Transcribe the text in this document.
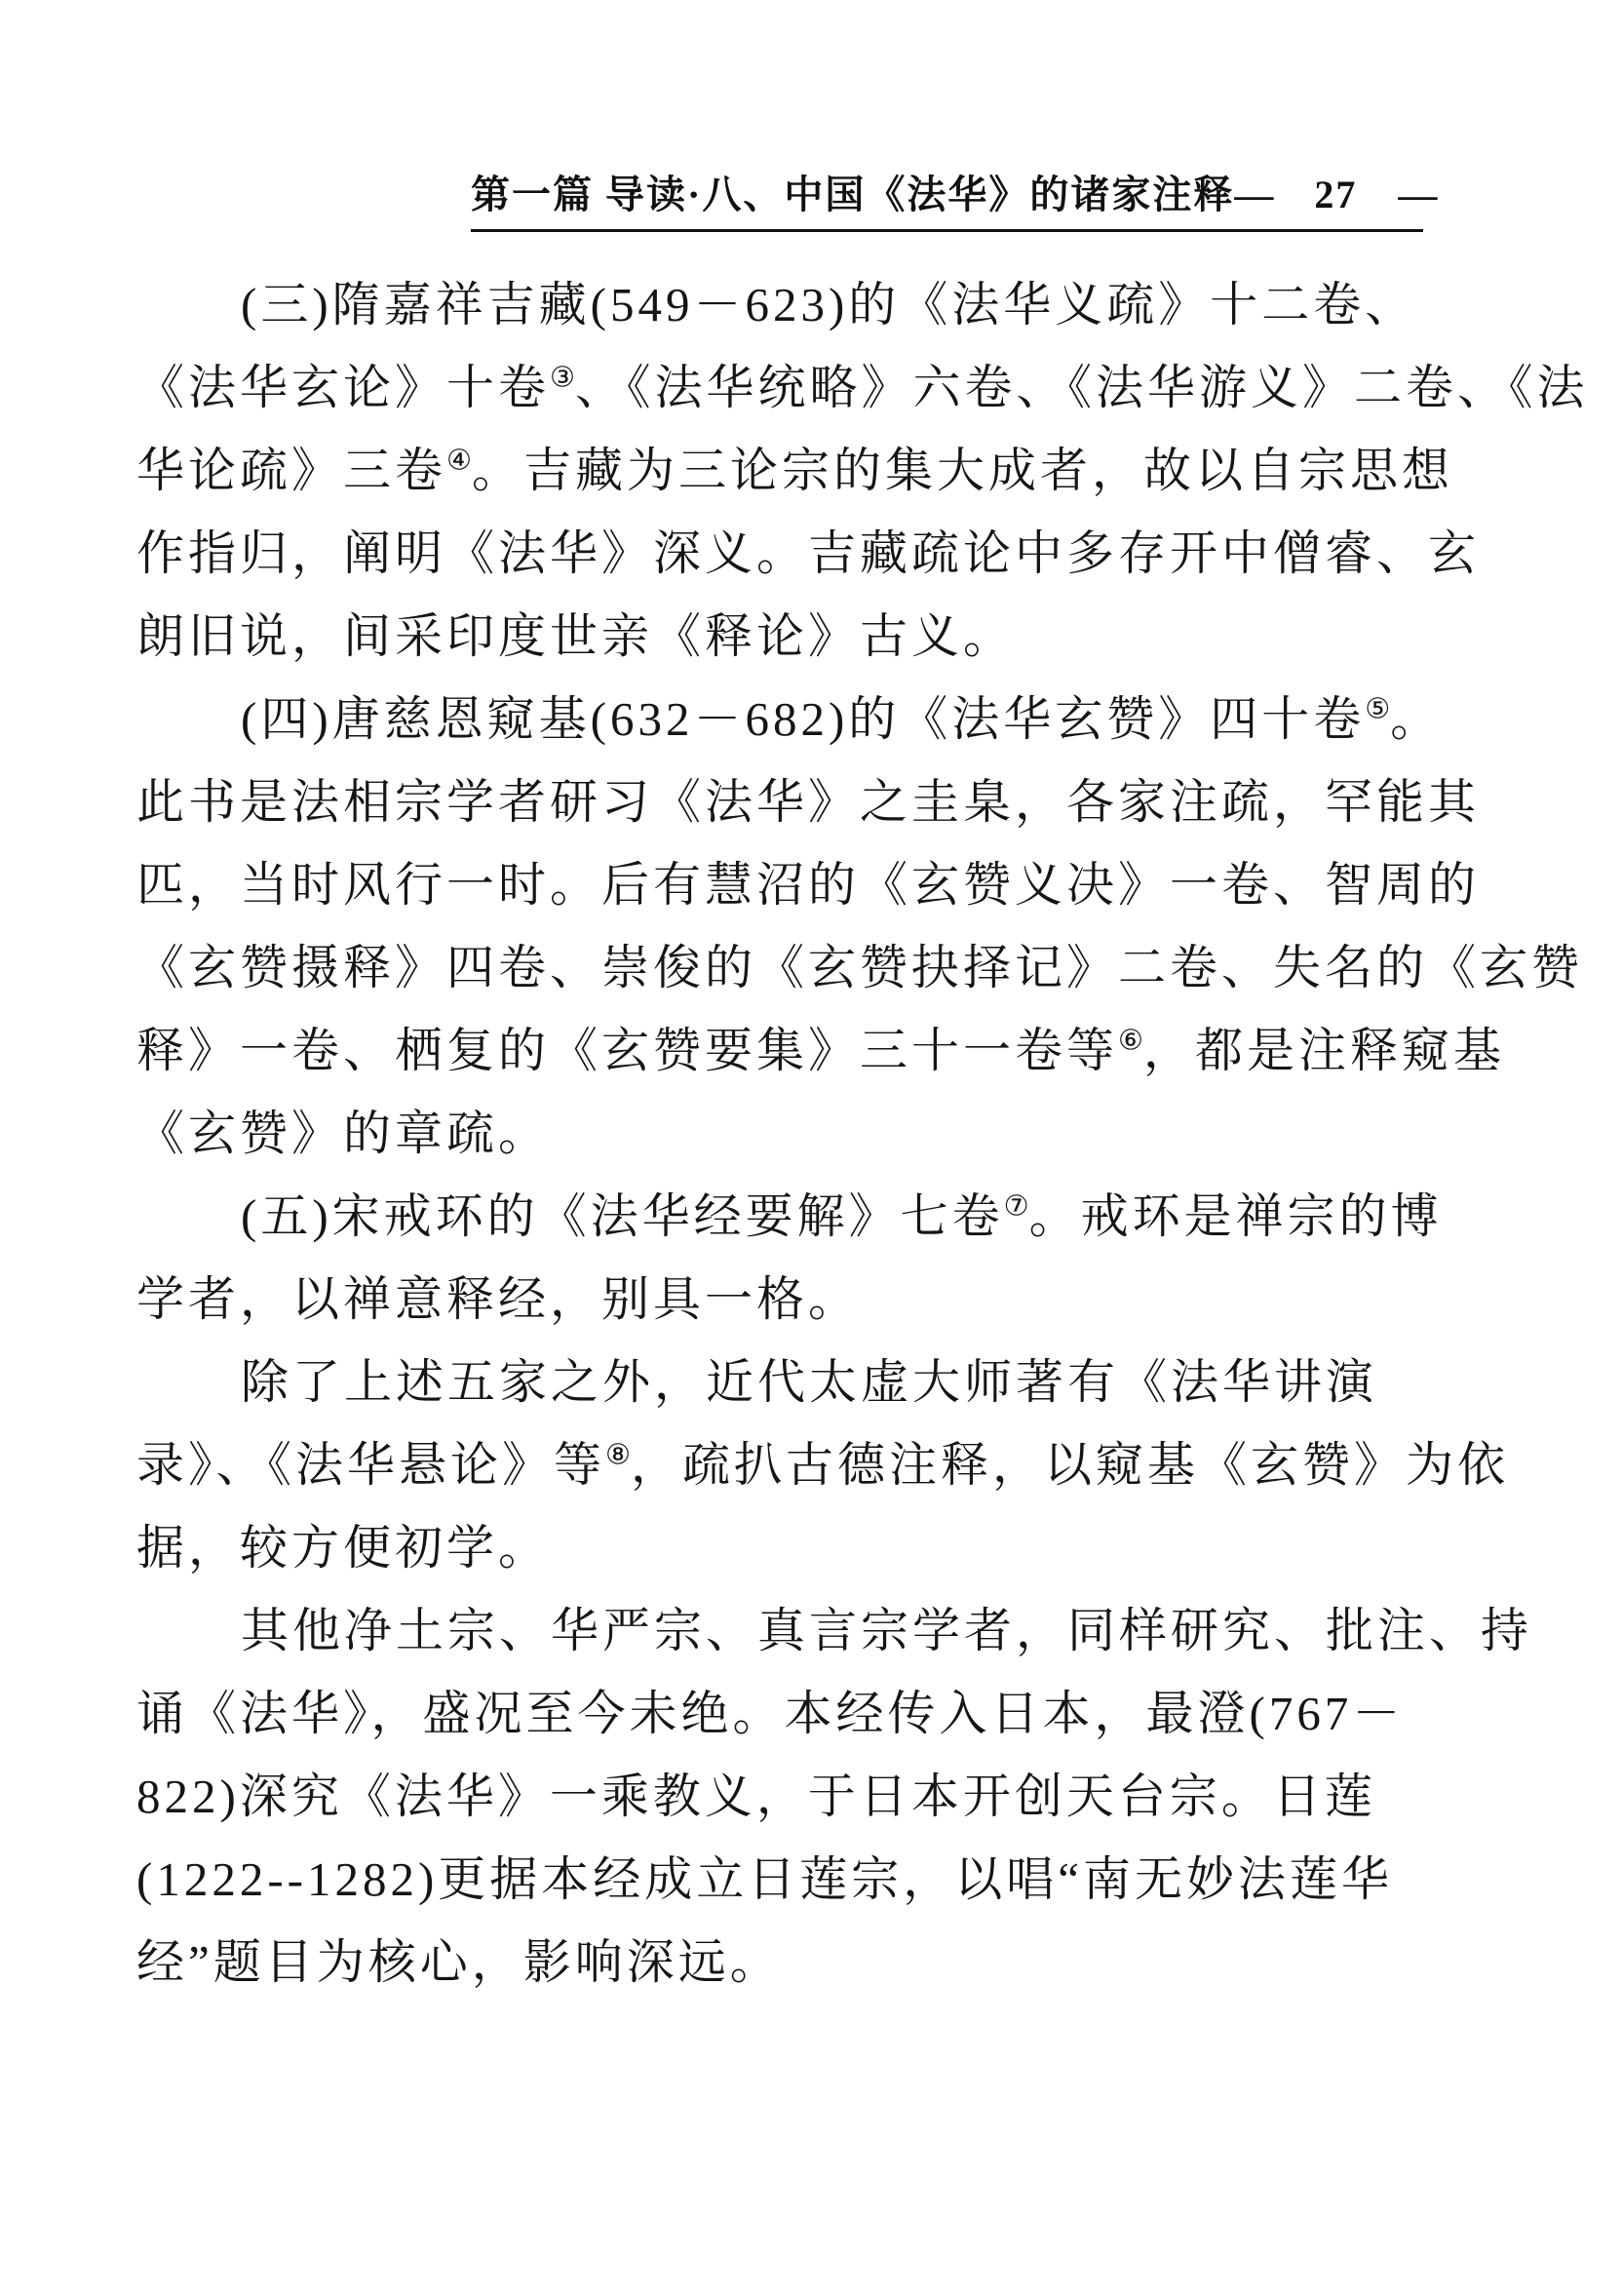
第一篇 导读·八、中国《法华》的诸家注释 — 27 —
(三)隋嘉祥吉藏(549－623)的《法华义疏》十二卷、
《法华玄论》十卷③、《法华统略》六卷、《法华游义》二卷、《法
华论疏》三卷④。吉藏为三论宗的集大成者，故以自宗思想
作指归，阐明《法华》深义。吉藏疏论中多存开中僧睿、玄
朗旧说，间采印度世亲《释论》古义。
(四)唐慈恩窥基(632－682)的《法华玄赞》四十卷⑤。
此书是法相宗学者研习《法华》之圭臬，各家注疏，罕能其
匹，当时风行一时。后有慧沼的《玄赞义决》一卷、智周的
《玄赞摄释》四卷、崇俊的《玄赞抉择记》二卷、失名的《玄赞
释》一卷、栖复的《玄赞要集》三十一卷等⑥，都是注释窥基
《玄赞》的章疏。
(五)宋戒环的《法华经要解》七卷⑦。戒环是禅宗的博
学者，以禅意释经，别具一格。
除了上述五家之外，近代太虚大师著有《法华讲演
录》、《法华悬论》等⑧，疏扒古德注释，以窥基《玄赞》为依
据，较方便初学。
其他净土宗、华严宗、真言宗学者，同样研究、批注、持
诵《法华》，盛况至今未绝。本经传入日本，最澄(767－
822)深究《法华》一乘教义，于日本开创天台宗。日莲
(1222--1282)更据本经成立日莲宗，以唱“南无妙法莲华
经”题目为核心，影响深远。
